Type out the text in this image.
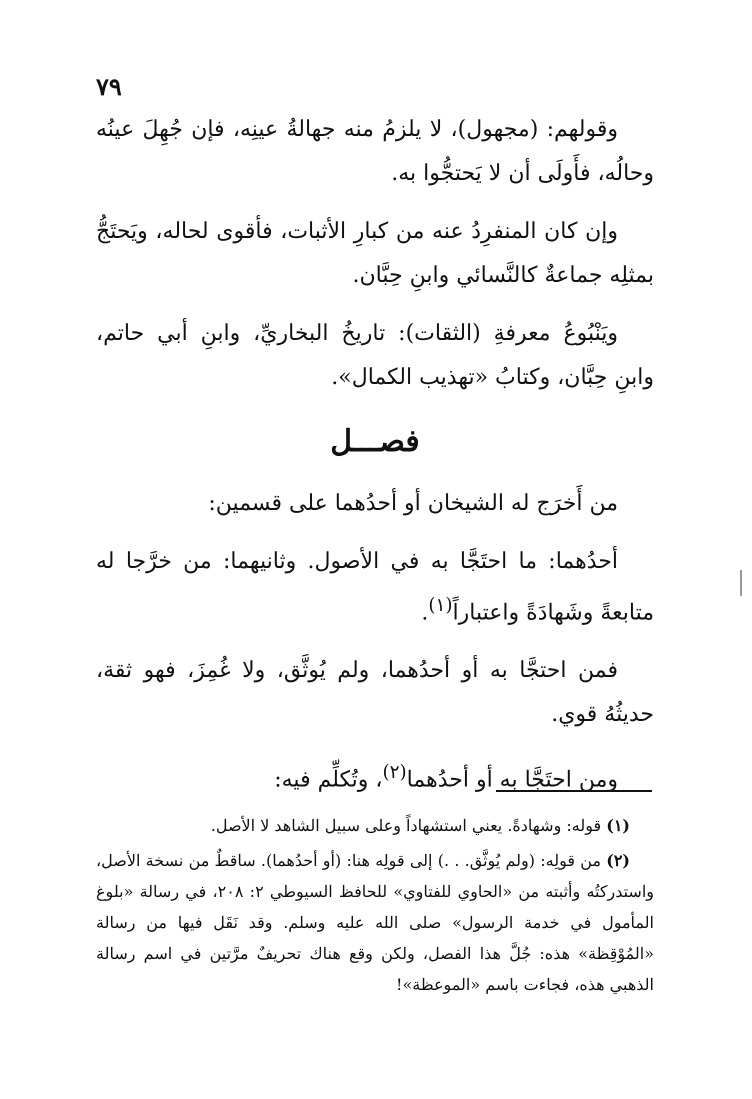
٧٩

وقولهم: (مجهول)، لا يلزمُ منه جهالةُ عينِه، فإن جُهِلَ عينُه وحالُه، فأَولَى أن لا يَحتجُّوا به.

وإن كان المنفرِدُ عنه من كبارِ الأثبات، فأقوى لحاله، ويَحتَجُّ بمثلِه جماعةٌ كالنَّسائي وابنِ حِبَّان.

ويَنْبُوعُ معرفةِ (الثقات): تاريخُ البخاريِّ، وابنِ أبي حاتم، وابنِ حِبَّان، وكتابُ «تهذيب الكمال».

فصـــل

من أَخرَج له الشيخان أو أحدُهما على قسمين:

أحدُهما: ما احتَجَّا به في الأصول. وثانيهما: من خرَّجا له متابعةً وشَهادَةً واعتباراً$^{(١)}$.

فمن احتجَّا به أو أحدُهما، ولم يُوثَّق، ولا غُمِزَ، فهو ثقة، حديثُهُ قوي.

ومن احتَجَّا به أو أحدُهما$^{(٢)}$، وتُكلِّم فيه:

(١) قوله: وشهادةً. يعني استشهاداً وعلى سبيل الشاهد لا الأصل.

(٢) من قولِه: (ولم يُوثَّق. . .) إلى قولِه هنا: (أو أحدُهما). ساقطٌ من نسخة الأصل، واستدركتُه وأثبته من «الحاوي للفتاوي» للحافظ السيوطي ٢: ٢٠٨، في رسالة «بلوغ المأمول في خدمة الرسول» صلى الله عليه وسلم. وقد نَقَل فيها من رسالة «المُوْقِظة» هذه: جُلَّ هذا الفصل، ولكن وقع هناك تحريفٌ مرَّتين في اسم رسالة الذهبي هذه، فجاءت باسم «الموعظة»!
